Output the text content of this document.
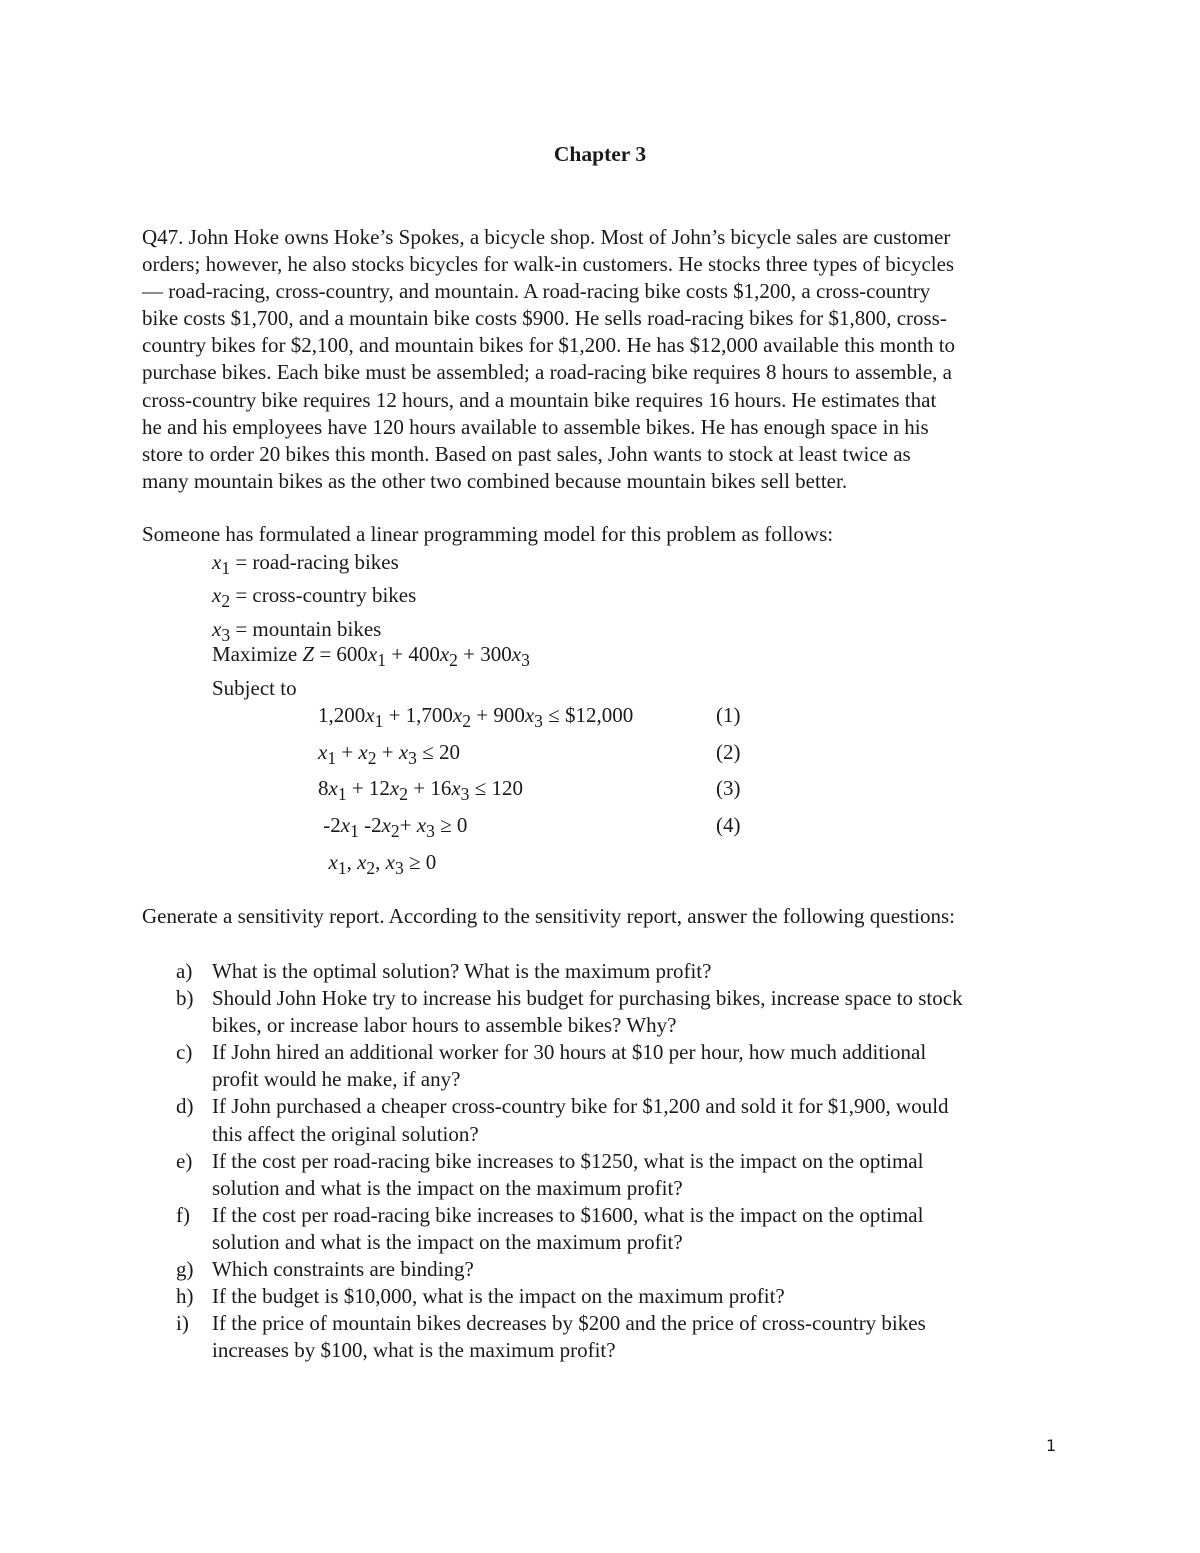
Chapter 3
Q47. John Hoke owns Hoke’s Spokes, a bicycle shop. Most of John’s bicycle sales are customer
orders; however, he also stocks bicycles for walk-in customers. He stocks three types of bicycles
— road-racing, cross-country, and mountain. A road-racing bike costs $1,200, a cross-country
bike costs $1,700, and a mountain bike costs $900. He sells road-racing bikes for $1,800, cross-
country bikes for $2,100, and mountain bikes for $1,200. He has $12,000 available this month to
purchase bikes. Each bike must be assembled; a road-racing bike requires 8 hours to assemble, a
cross-country bike requires 12 hours, and a mountain bike requires 16 hours. He estimates that
he and his employees have 120 hours available to assemble bikes. He has enough space in his
store to order 20 bikes this month. Based on past sales, John wants to stock at least twice as
many mountain bikes as the other two combined because mountain bikes sell better.
Someone has formulated a linear programming model for this problem as follows:
$x_1$ = road-racing bikes
$x_2$ = cross-country bikes
$x_3$ = mountain bikes
Maximize $Z = 600x_1 + 400x_2 + 300x_3$
Subject to
$1,200x_1 + 1,700x_2 + 900x_3$ ≤ $12,000	(1)
$x_1 + x_2 + x_3 \le 20$	(2)
$8x_1 + 12x_2 + 16x_3 \le 120$	(3)
$-2x_1$ $-2x_2+ x_3 \ge 0$	(4)
$x_1$, $x_2$, $x_3 \ge 0$
Generate a sensitivity report. According to the sensitivity report, answer the following questions:
a) What is the optimal solution? What is the maximum profit?
b) Should John Hoke try to increase his budget for purchasing bikes, increase space to stock
bikes, or increase labor hours to assemble bikes? Why?
c) If John hired an additional worker for 30 hours at $10 per hour, how much additional
profit would he make, if any?
d) If John purchased a cheaper cross-country bike for $1,200 and sold it for $1,900, would
this affect the original solution?
e) If the cost per road-racing bike increases to $1250, what is the impact on the optimal
solution and what is the impact on the maximum profit?
f) If the cost per road-racing bike increases to $1600, what is the impact on the optimal
solution and what is the impact on the maximum profit?
g) Which constraints are binding?
h) If the budget is $10,000, what is the impact on the maximum profit?
i) If the price of mountain bikes decreases by $200 and the price of cross-country bikes
increases by $100, what is the maximum profit?
1
